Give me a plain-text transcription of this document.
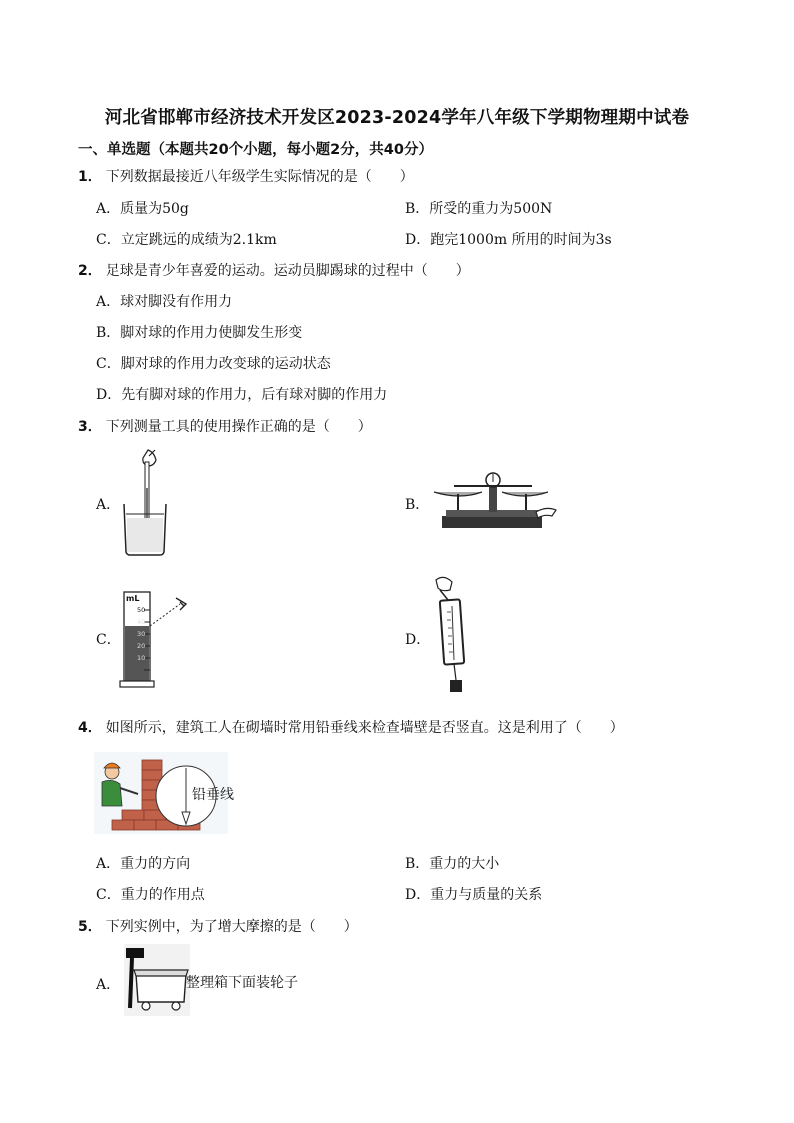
河北省邯郸市经济技术开发区2023-2024学年八年级下学期物理期中试卷
一、单选题（本题共20个小题，每小题2分，共40分）
1． 下列数据最接近八年级学生实际情况的是（　　）
A．质量为50g	B．所受的重力为500N
C．立定跳远的成绩为2.1km	D．跑完1000m 所用的时间为3s
2． 足球是青少年喜爱的运动。运动员脚踢球的过程中（　　）
A．球对脚没有作用力
B．脚对球的作用力使脚发生形变
C．脚对球的作用力改变球的运动状态
D．先有脚对球的作用力，后有球对脚的作用力
3． 下列测量工具的使用操作正确的是（　　）
A．	B．
C．
mL
50
40
30
20
10
D．
4． 如图所示，建筑工人在砌墙时常用铅垂线来检查墙壁是否竖直。这是利用了（　　）
铅垂线
A．重力的方向	B．重力的大小
C．重力的作用点	D．重力与质量的关系
5． 下列实例中，为了增大摩擦的是（　　）
A．	整理箱下面装轮子
